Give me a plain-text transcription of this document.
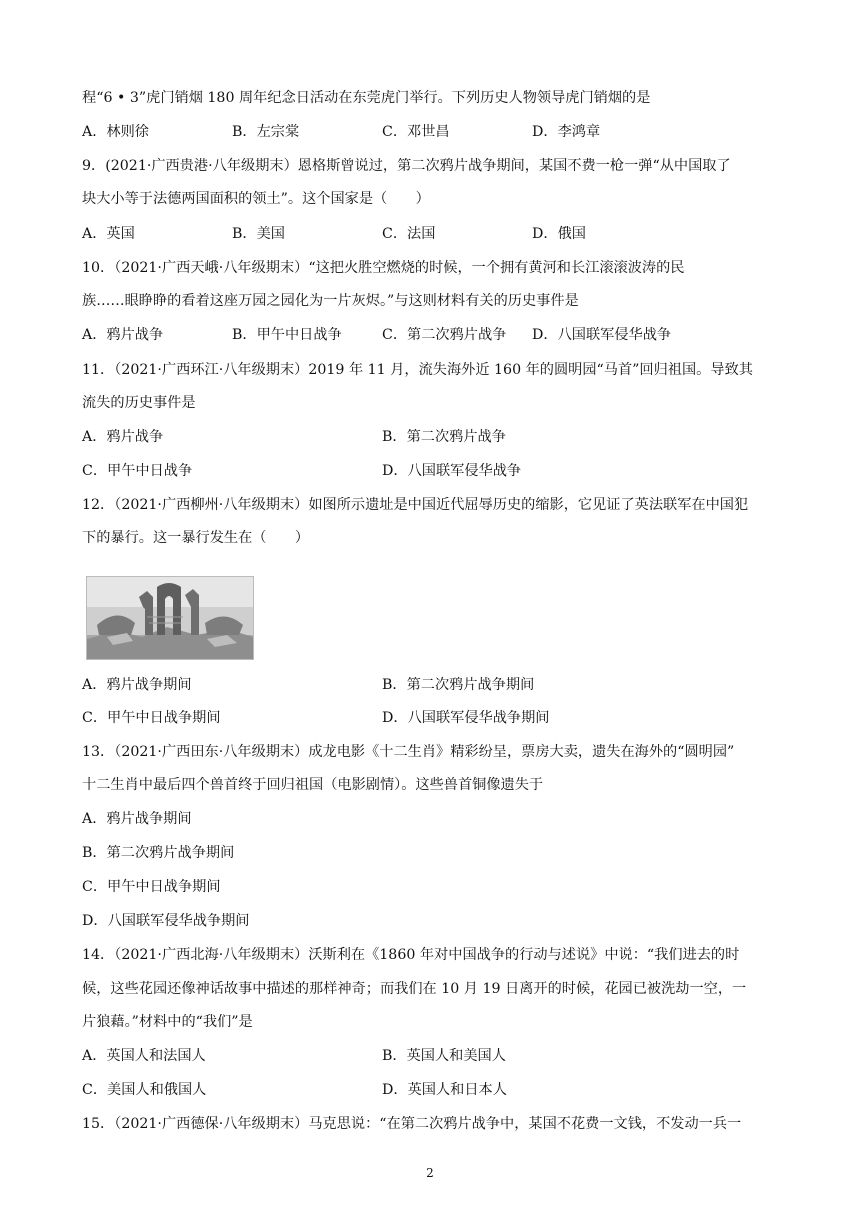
程“6 • 3”虎门销烟 180 周年纪念日活动在东莞虎门举行。下列历史人物领导虎门销烟的是
A．林则徐	B．左宗棠	C．邓世昌	D．李鸿章
9．(2021·广西贵港·八年级期末）恩格斯曾说过，第二次鸦片战争期间，某国不费一枪一弹“从中国取了
块大小等于法德两国面积的领土”。这个国家是（　　）
A．英国	B．美国	C．法国	D．俄国
10．（2021·广西天峨·八年级期末）“这把火胜空燃烧的时候，一个拥有黄河和长江滚滚波涛的民
族……眼睁睁的看着这座万园之园化为一片灰烬。”与这则材料有关的历史事件是
A．鸦片战争	B．甲午中日战争	C．第二次鸦片战争 D．八国联军侵华战争
11．（2021·广西环江·八年级期末）2019 年 11 月，流失海外近 160 年的圆明园“马首”回归祖国。导致其
流失的历史事件是
A．鸦片战争	B．第二次鸦片战争
C．甲午中日战争	D．八国联军侵华战争
12．（2021·广西柳州·八年级期末）如图所示遗址是中国近代屈辱历史的缩影，它见证了英法联军在中国犯
下的暴行。这一暴行发生在（　　）
A．鸦片战争期间	B．第二次鸦片战争期间
C．甲午中日战争期间	D．八国联军侵华战争期间
13．（2021·广西田东·八年级期末）成龙电影《十二生肖》精彩纷呈，票房大卖，遗失在海外的“圆明园”
十二生肖中最后四个兽首终于回归祖国（电影剧情）。这些兽首铜像遗失于
A．鸦片战争期间
B．第二次鸦片战争期间
C．甲午中日战争期间
D．八国联军侵华战争期间
14．（2021·广西北海·八年级期末）沃斯利在《1860 年对中国战争的行动与述说》中说：“我们进去的时
候，这些花园还像神话故事中描述的那样神奇；而我们在 10 月 19 日离开的时候，花园已被洗劫一空，一
片狼藉。”材料中的“我们”是
A．英国人和法国人	B．英国人和美国人
C．美国人和俄国人	D．英国人和日本人
15．（2021·广西德保·八年级期末）马克思说：“在第二次鸦片战争中，某国不花费一文钱，不发动一兵一
2
